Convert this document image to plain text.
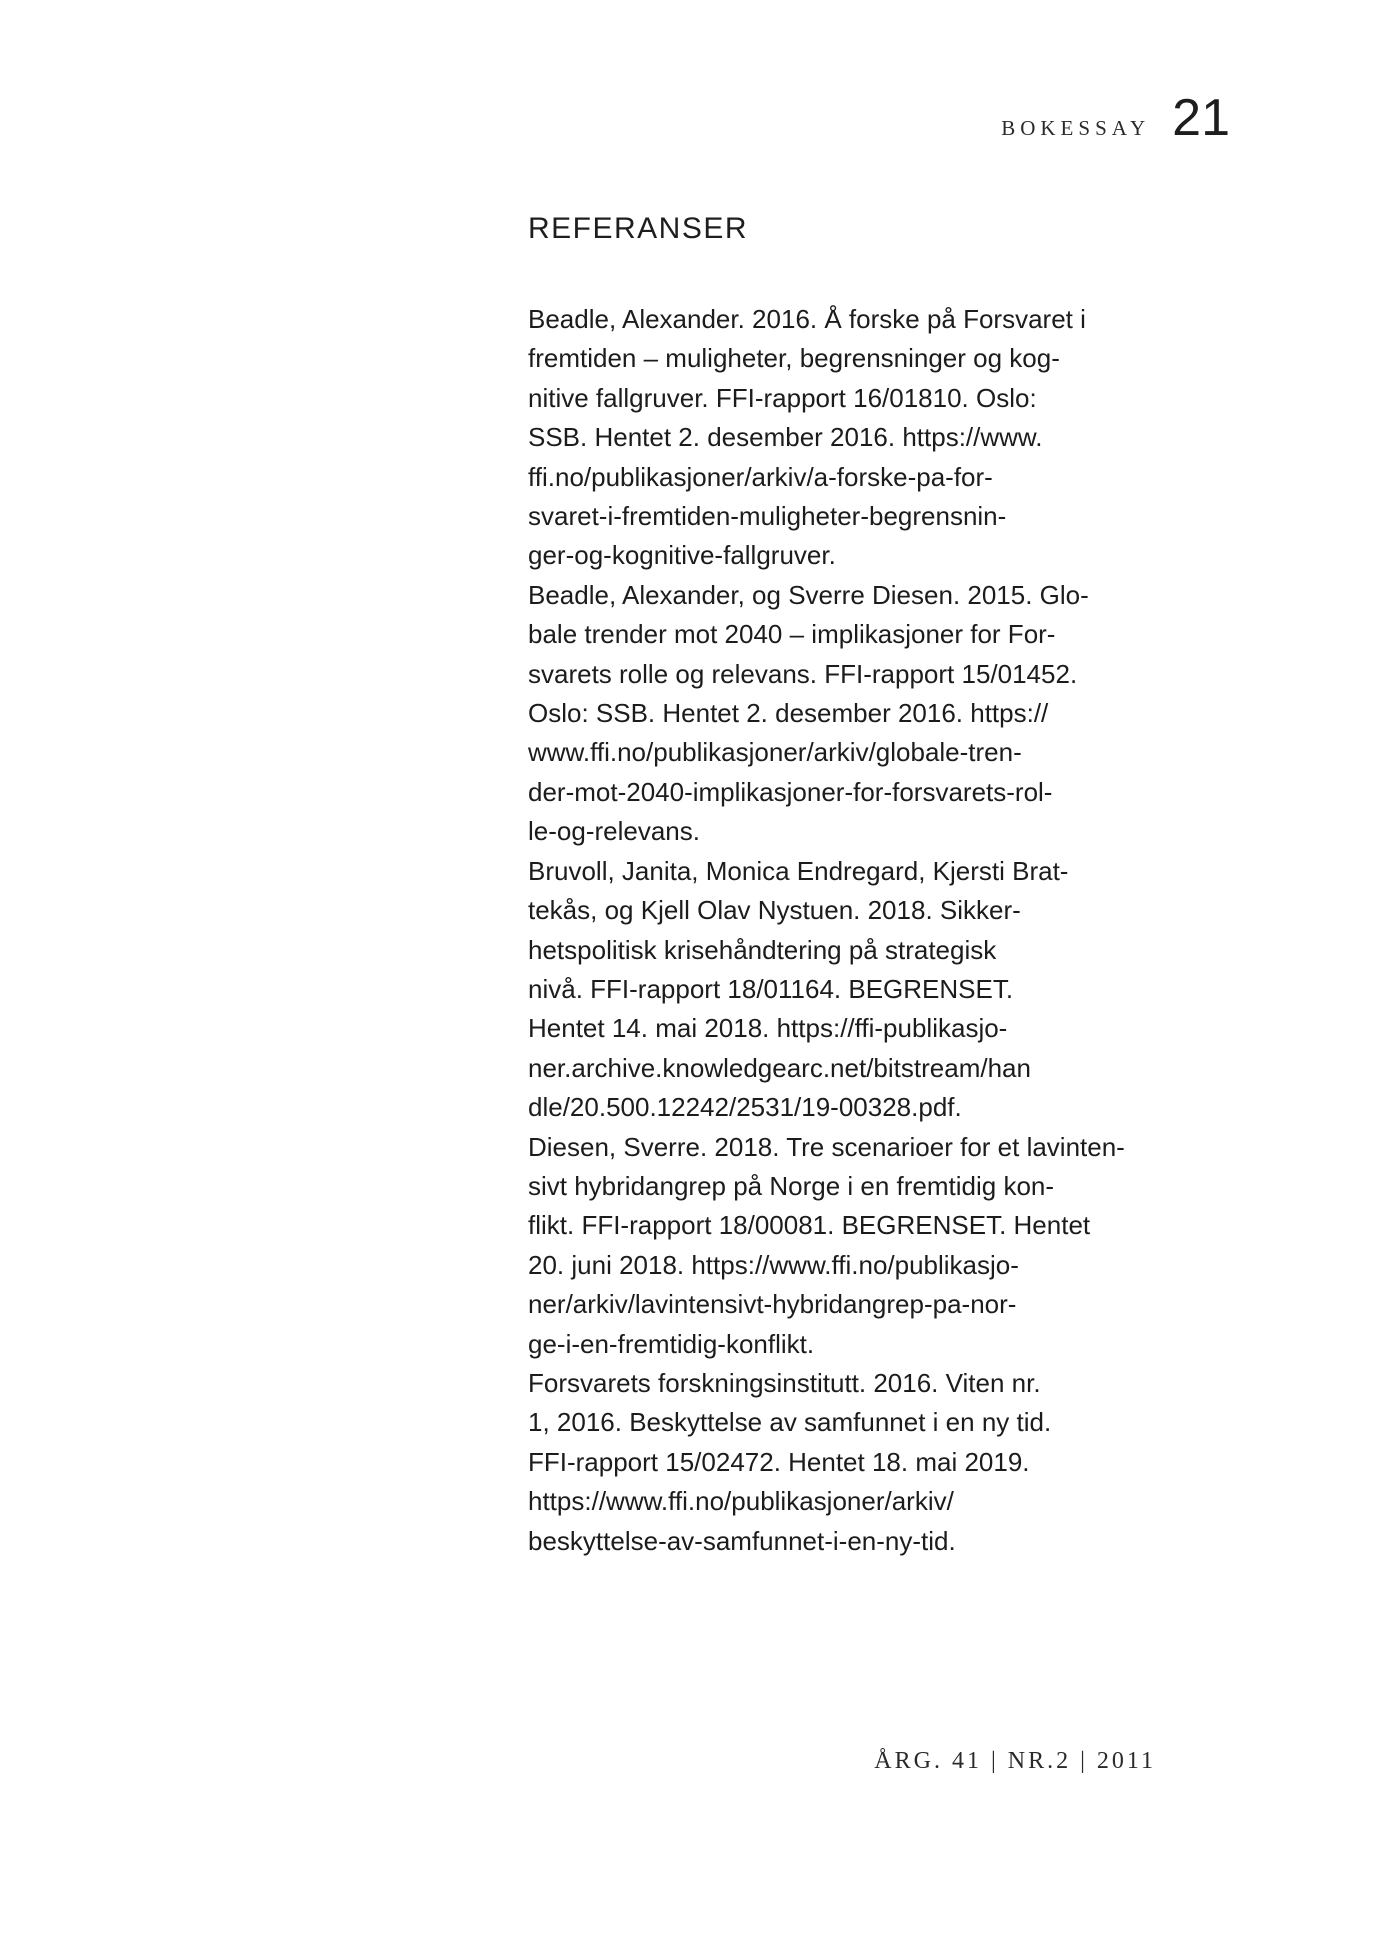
BOKESSAY 21
REFERANSER
Beadle, Alexander. 2016. Å forske på Forsvaret i
fremtiden – muligheter, begrensninger og kog-
nitive fallgruver. FFI-rapport 16/01810. Oslo:
SSB. Hentet 2. desember 2016. https://www.
ffi.no/publikasjoner/arkiv/a-forske-pa-for-
svaret-i-fremtiden-muligheter-begrensnin-
ger-og-kognitive-fallgruver.
Beadle, Alexander, og Sverre Diesen. 2015. Glo-
bale trender mot 2040 – implikasjoner for For-
svarets rolle og relevans. FFI-rapport 15/01452.
Oslo: SSB. Hentet 2. desember 2016. https://
www.ffi.no/publikasjoner/arkiv/globale-tren-
der-mot-2040-implikasjoner-for-forsvarets-rol-
le-og-relevans.
Bruvoll, Janita, Monica Endregard, Kjersti Brat-
tekås, og Kjell Olav Nystuen. 2018. Sikker-
hetspolitisk krisehåndtering på strategisk
nivå. FFI-rapport 18/01164. BEGRENSET.
Hentet 14. mai 2018. https://ffi-publikasjo-
ner.archive.knowledgearc.net/bitstream/han
dle/20.500.12242/2531/19-00328.pdf.
Diesen, Sverre. 2018. Tre scenarioer for et lavinten-
sivt hybridangrep på Norge i en fremtidig kon-
flikt. FFI-rapport 18/00081. BEGRENSET. Hentet
20. juni 2018. https://www.ffi.no/publikasjo-
ner/arkiv/lavintensivt-hybridangrep-pa-nor-
ge-i-en-fremtidig-konflikt.
Forsvarets forskningsinstitutt. 2016. Viten nr.
1, 2016. Beskyttelse av samfunnet i en ny tid.
FFI-rapport 15/02472. Hentet 18. mai 2019.
https://www.ffi.no/publikasjoner/arkiv/
beskyttelse-av-samfunnet-i-en-ny-tid.
ÅRG. 41 | NR.2 | 2011
